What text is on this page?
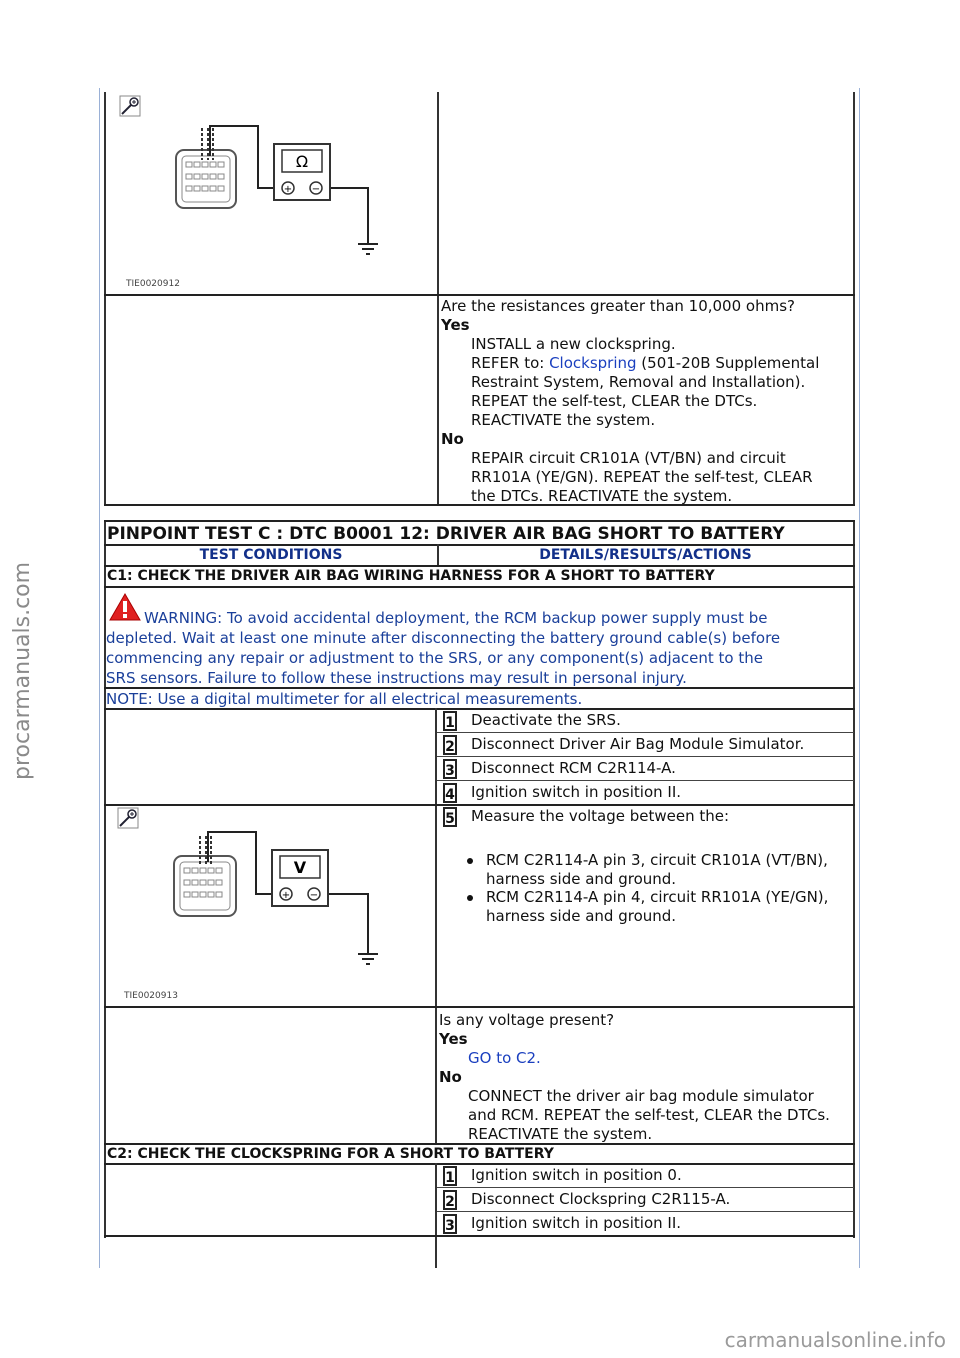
procarmanuals.com
carmanualsonline.info
Ω
+ −
TIE0020912
Are the resistances greater than 10,000 ohms?
Yes
INSTALL a new clockspring.
REFER to: Clockspring (501-20B Supplemental
Restraint System, Removal and Installation).
REPEAT the self-test, CLEAR the DTCs.
REACTIVATE the system.
No
REPAIR circuit CR101A (VT/BN) and circuit
RR101A (YE/GN). REPEAT the self-test, CLEAR
the DTCs. REACTIVATE the system.
PINPOINT TEST C : DTC B0001 12: DRIVER AIR BAG SHORT TO BATTERY
TEST CONDITIONS	DETAILS/RESULTS/ACTIONS
C1: CHECK THE DRIVER AIR BAG WIRING HARNESS FOR A SHORT TO BATTERY
WARNING: To avoid accidental deployment, the RCM backup power supply must be
depleted. Wait at least one minute after disconnecting the battery ground cable(s) before
commencing any repair or adjustment to the SRS, or any component(s) adjacent to the
SRS sensors. Failure to follow these instructions may result in personal injury.
NOTE: Use a digital multimeter for all electrical measurements.
1 Deactivate the SRS.
2 Disconnect Driver Air Bag Module Simulator.
3 Disconnect RCM C2R114-A.
4 Ignition switch in position II.
5 Measure the voltage between the:
RCM C2R114-A pin 3, circuit CR101A (VT/BN),
harness side and ground.
RCM C2R114-A pin 4, circuit RR101A (YE/GN),
harness side and ground.
V
+ −
TIE0020913
Is any voltage present?
Yes
GO to C2.
No
CONNECT the driver air bag module simulator
and RCM. REPEAT the self-test, CLEAR the DTCs.
REACTIVATE the system.
C2: CHECK THE CLOCKSPRING FOR A SHORT TO BATTERY
1 Ignition switch in position 0.
2 Disconnect Clockspring C2R115-A.
3 Ignition switch in position II.
